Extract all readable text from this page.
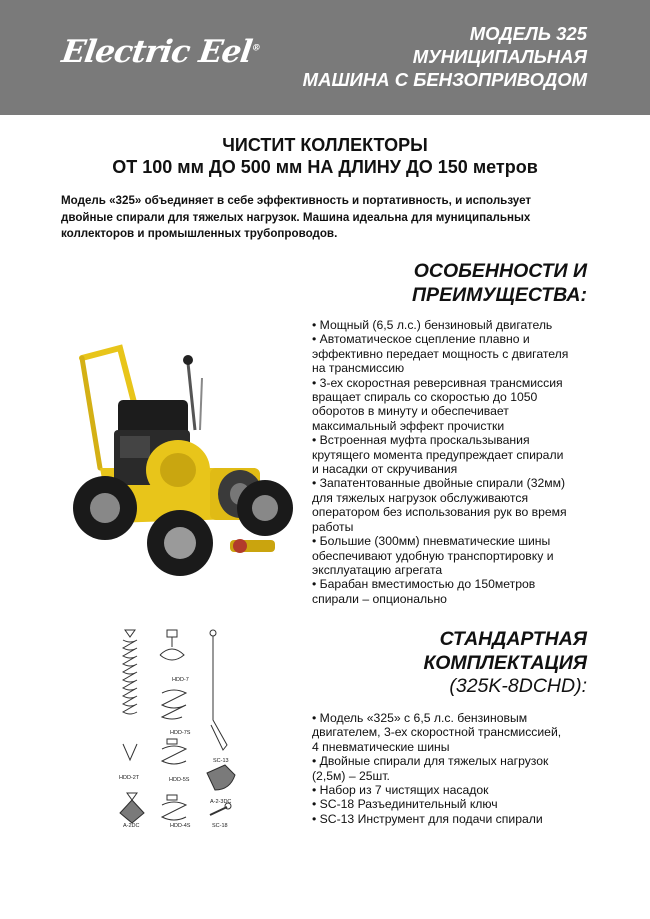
Electric Eel®
МОДЕЛЬ 325
МУНИЦИПАЛЬНАЯ
МАШИНА С БЕНЗОПРИВОДОМ
ЧИСТИТ КОЛЛЕКТОРЫ
ОТ 100 мм ДО 500 мм НА ДЛИНУ ДО 150 метров
Модель «325» объединяет в себе эффективность и портативность, и использует
двойные спирали для тяжелых нагрузок. Машина идеальна для муниципальных
коллекторов и промышленных трубопроводов.
ОСОБЕННОСТИ И
ПРЕИМУЩЕСТВА:
• Мощный (6,5 л.с.) бензиновый двигатель
• Автоматическое сцепление плавно и
эффективно передает мощность с двигателя
на трансмиссию
• 3-ех скоростная реверсивная трансмиссия
вращает спираль со скоростью до 1050
оборотов в минуту и обеспечивает
максимальный эффект прочистки
• Встроенная муфта проскальзывания
крутящего момента предупреждает спирали
и насадки от скручивания
• Запатентованные двойные спирали (32мм)
для тяжелых нагрузок обслуживаются
оператором без использования рук во время
работы
• Большие (300мм) пневматические шины
обеспечивают удобную транспортировку и
эксплуатацию агрегата
• Барабан вместимостью до 150метров
спирали – опционально
СТАНДАРТНАЯ
КОМПЛЕКТАЦИЯ
(325K-8DCHD):
HDD-7
HDD-2T
HDD-7S
SC-13
HDD-5S
A-2-3DC
A-2DC	HDD-4S	SC-18
• Модель «325» с 6,5 л.с. бензиновым
двигателем, 3-ех скоростной трансмиссией,
4 пневматические шины
• Двойные спирали для тяжелых нагрузок
(2,5м) – 25шт.
• Набор из 7 чистящих насадок
• SC-18 Разъединительный ключ
• SC-13 Инструмент для подачи спирали
